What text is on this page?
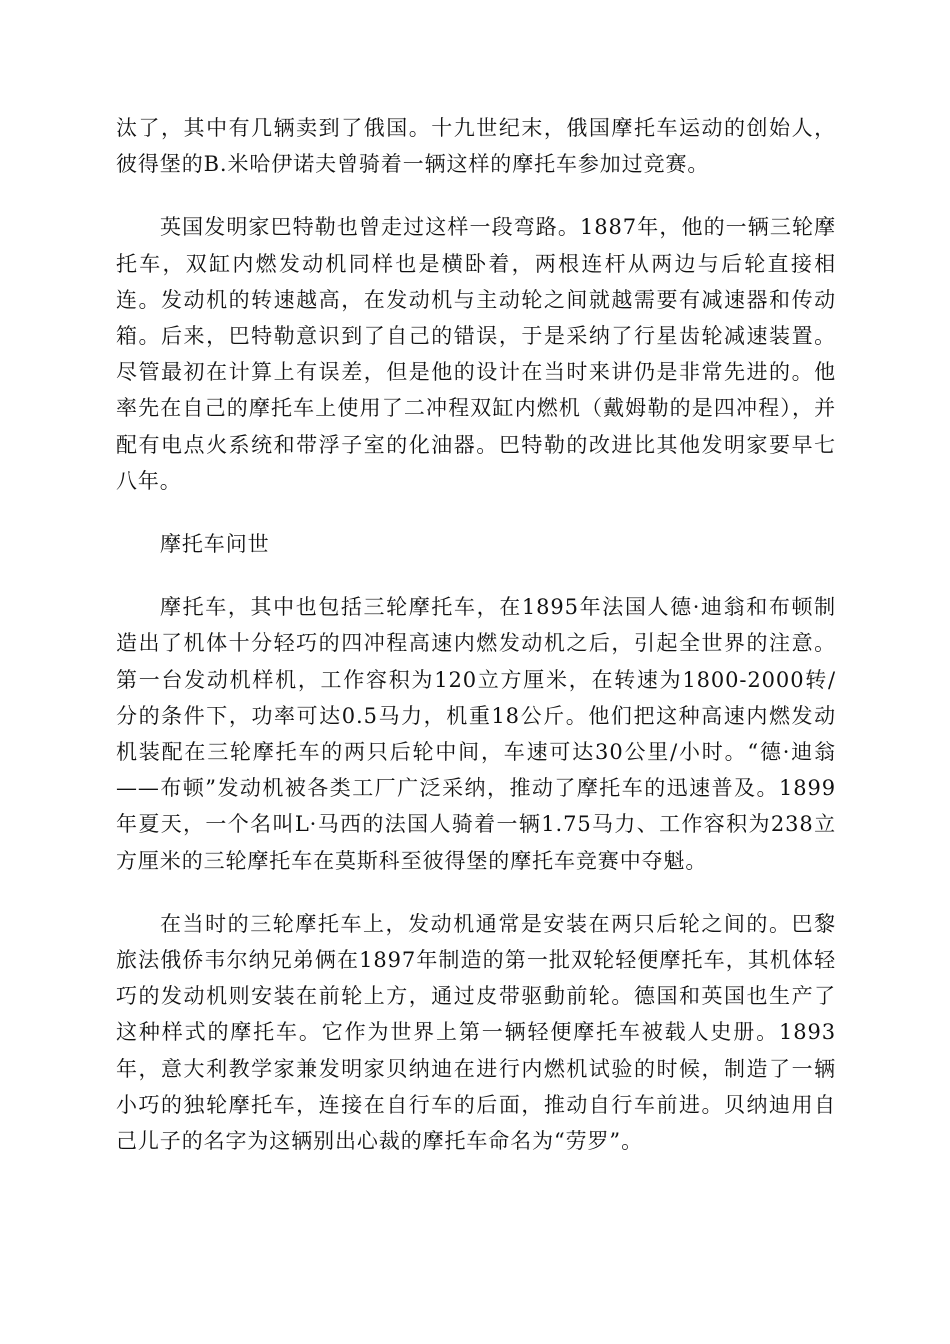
汰了，其中有几辆卖到了俄国。十九世纪末，俄国摩托车运动的创始人，彼得堡的B.米哈伊诺夫曾骑着一辆这样的摩托车参加过竞赛。

英国发明家巴特勒也曾走过这样一段弯路。1887年，他的一辆三轮摩托车，双缸内燃发动机同样也是横卧着，两根连杆从两边与后轮直接相连。发动机的转速越高，在发动机与主动轮之间就越需要有减速器和传动箱。后来，巴特勒意识到了自己的错误，于是采纳了行星齿轮减速装置。尽管最初在计算上有误差，但是他的设计在当时来讲仍是非常先进的。他率先在自己的摩托车上使用了二冲程双缸内燃机（戴姆勒的是四冲程），并配有电点火系统和带浮子室的化油器。巴特勒的改进比其他发明家要早七八年。

摩托车问世

摩托车，其中也包括三轮摩托车，在1895年法国人德·迪翁和布顿制造出了机体十分轻巧的四冲程高速内燃发动机之后，引起全世界的注意。第一台发动机样机，工作容积为120立方厘米，在转速为1800-2000转/分的条件下，功率可达0.5马力，机重18公斤。他们把这种高速内燃发动机装配在三轮摩托车的两只后轮中间，车速可达30公里/小时。“德·迪翁——布顿”发动机被各类工厂广泛采纳，推动了摩托车的迅速普及。1899年夏天，一个名叫L·马西的法国人骑着一辆1.75马力、工作容积为238立方厘米的三轮摩托车在莫斯科至彼得堡的摩托车竞赛中夺魁。

在当时的三轮摩托车上，发动机通常是安装在两只后轮之间的。巴黎旅法俄侨韦尔纳兄弟俩在1897年制造的第一批双轮轻便摩托车，其机体轻巧的发动机则安装在前轮上方，通过皮带驱動前轮。德国和英国也生产了这种样式的摩托车。它作为世界上第一辆轻便摩托车被载人史册。1893年，意大利教学家兼发明家贝纳迪在进行内燃机试验的时候，制造了一辆小巧的独轮摩托车，连接在自行车的后面，推动自行车前进。贝纳迪用自己儿子的名字为这辆别出心裁的摩托车命名为“劳罗”。
